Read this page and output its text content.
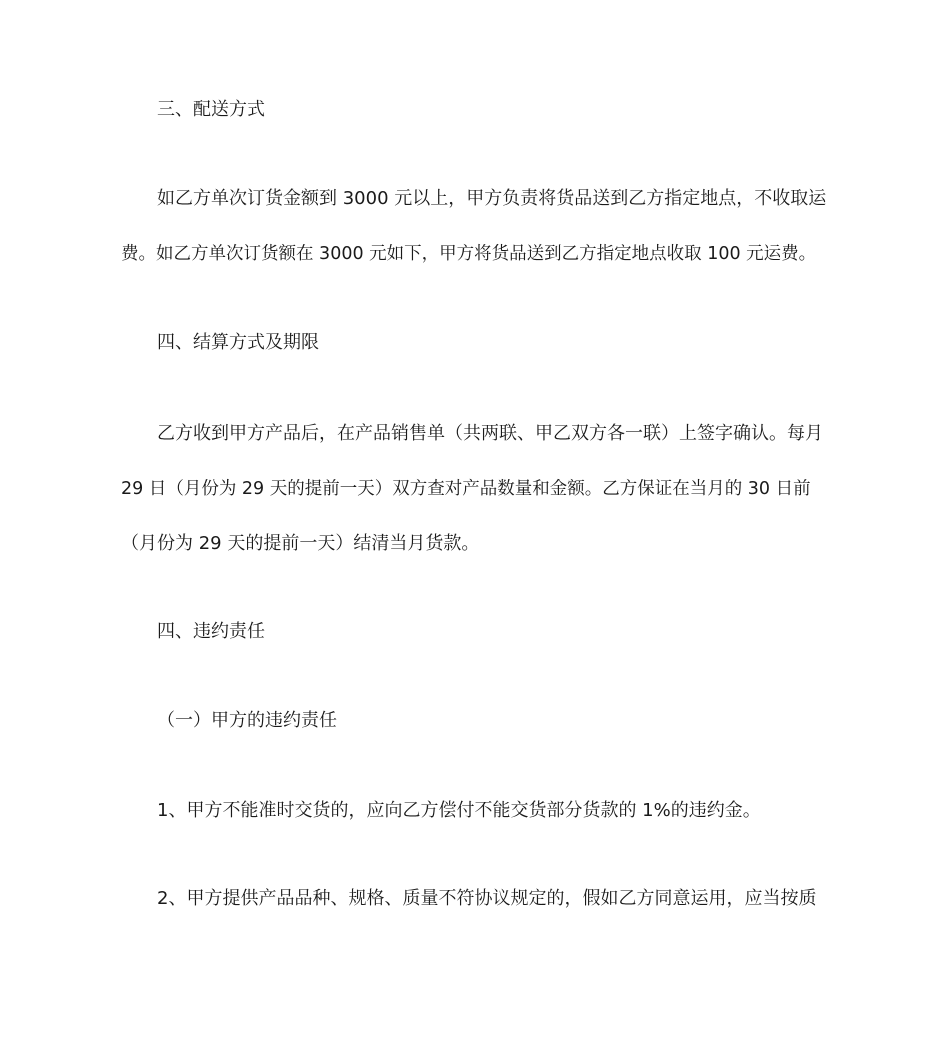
三、配送方式
如乙方单次订货金额到 3000 元以上，甲方负责将货品送到乙方指定地点，不收取运
费。如乙方单次订货额在 3000 元如下，甲方将货品送到乙方指定地点收取 100 元运费。
四、结算方式及期限
乙方收到甲方产品后，在产品销售单（共两联、甲乙双方各一联）上签字确认。每月
29 日（月份为 29 天的提前一天）双方查对产品数量和金额。乙方保证在当月的 30 日前
（月份为 29 天的提前一天）结清当月货款。
四、违约责任
（一）甲方的违约责任
1、甲方不能准时交货的，应向乙方偿付不能交货部分货款的 1%的违约金。
2、甲方提供产品品种、规格、质量不符协议规定的，假如乙方同意运用，应当按质
